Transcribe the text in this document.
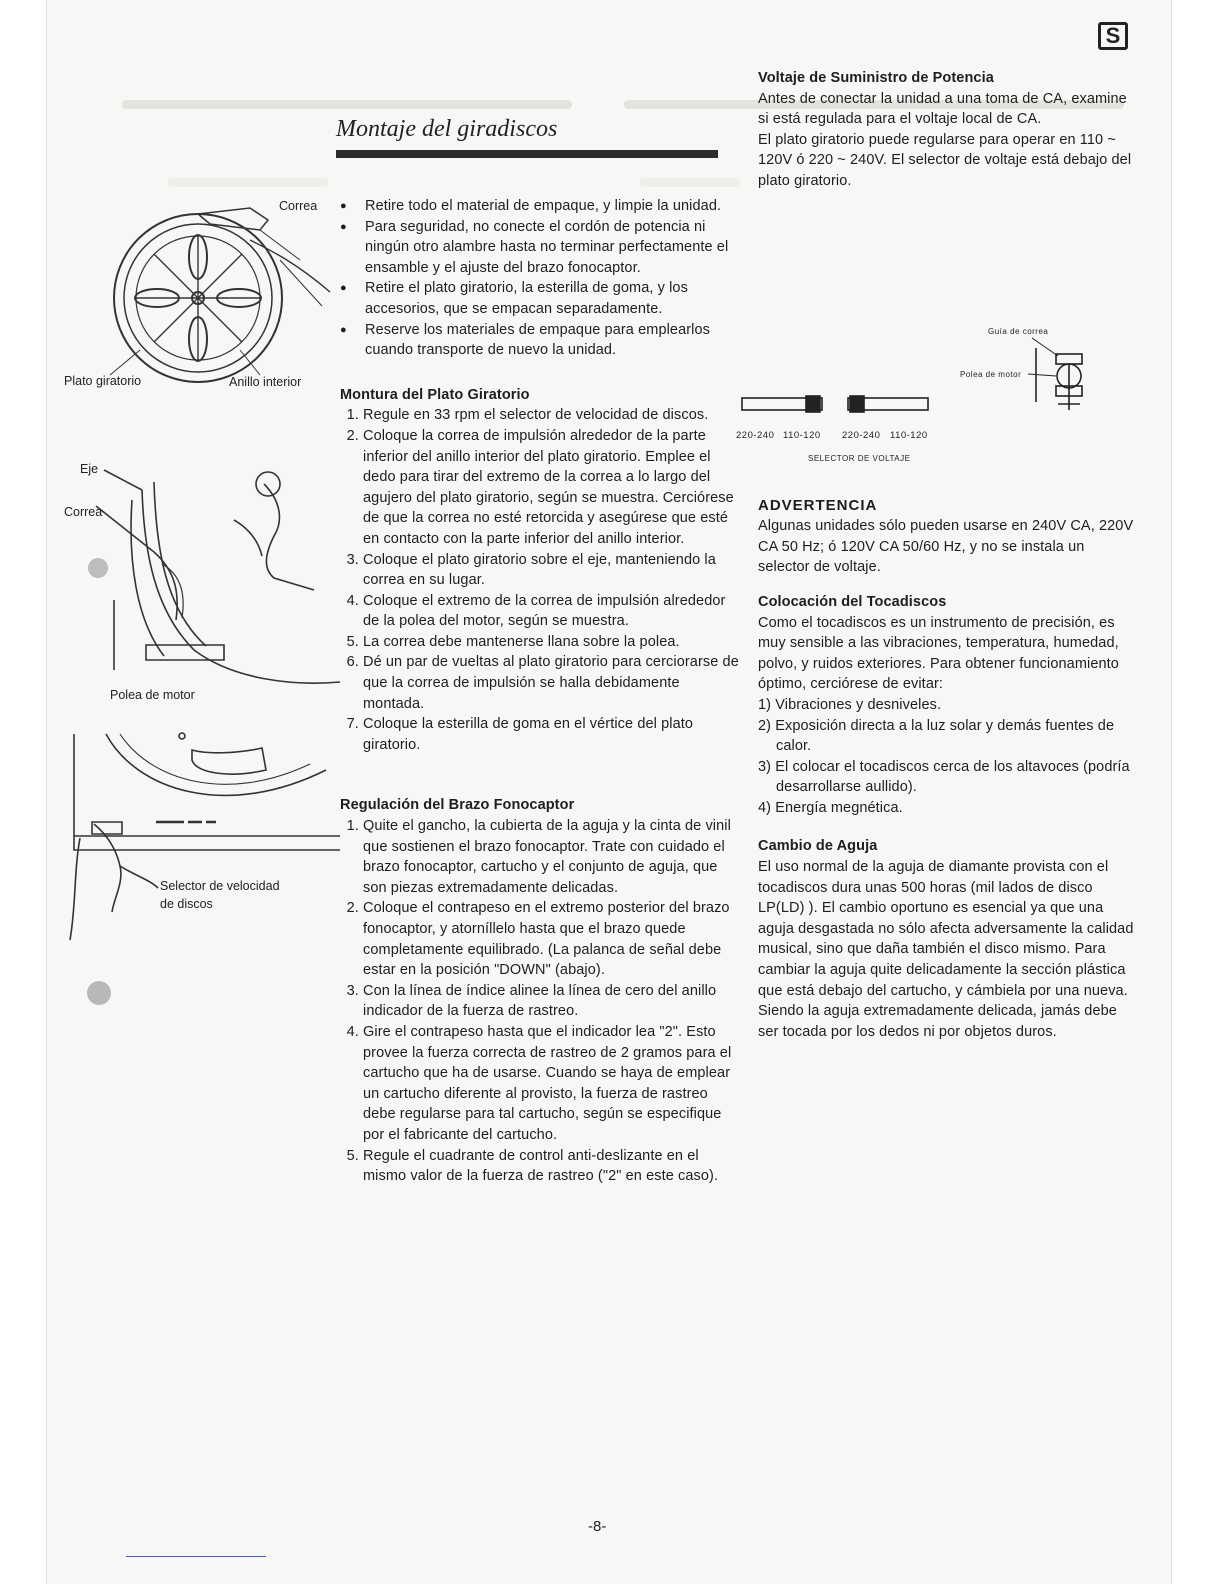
S
Montaje del giradiscos
Correa
Plato giratorio	Anillo interior
Eje
Correa
Polea de motor
Selector de velocidad
de discos
Guía de correa
Polea de motor
220-240 110-120 220-240 110-120
SELECTOR DE VOLTAJE

● Retire todo el material de empaque, y limpie la unidad.

● Para seguridad, no conecte el cordón de potencia ni ningún otro alambre hasta no terminar perfectamente el ensamble y el ajuste del brazo fonocaptor.

● Retire el plato giratorio, la esterilla de goma, y los accesorios, que se empacan separadamente.

● Reserve los materiales de empaque para emplearlos cuando transporte de nuevo la unidad.

Montura del Plato Giratorio

1. Regule en 33 rpm el selector de velocidad de discos.
2. Coloque la correa de impulsión alrededor de la parte inferior del anillo interior del plato giratorio. Emplee el dedo para tirar del extremo de la correa a lo largo del agujero del plato giratorio, según se muestra. Cerciórese de que la correa no esté retorcida y asegúrese que esté en contacto con la parte inferior del anillo interior.
3. Coloque el plato giratorio sobre el eje, manteniendo la correa en su lugar.
4. Coloque el extremo de la correa de impulsión alrededor de la polea del motor, según se muestra.
5. La correa debe mantenerse llana sobre la polea.
6. Dé un par de vueltas al plato giratorio para cerciorarse de que la correa de impulsión se halla debidamente montada.
7. Coloque la esterilla de goma en el vértice del plato giratorio.

Regulación del Brazo Fonocaptor

1. Quite el gancho, la cubierta de la aguja y la cinta de vinil que sostienen el brazo fonocaptor. Trate con cuidado el brazo fonocaptor, cartucho y el conjunto de aguja, que son piezas extremadamente delicadas.
2. Coloque el contrapeso en el extremo posterior del brazo fonocaptor, y atorníllelo hasta que el brazo quede completamente equilibrado. (La palanca de señal debe estar en la posición "DOWN" (abajo).
3. Con la línea de índice alinee la línea de cero del anillo indicador de la fuerza de rastreo.
4. Gire el contrapeso hasta que el indicador lea "2". Esto provee la fuerza correcta de rastreo de 2 gramos para el cartucho que ha de usarse. Cuando se haya de emplear un cartucho diferente al provisto, la fuerza de rastreo debe regularse para tal cartucho, según se especifique por el fabricante del cartucho.
5. Regule el cuadrante de control anti-deslizante en el mismo valor de la fuerza de rastreo ("2" en este caso).

Voltaje de Suministro de Potencia

Antes de conectar la unidad a una toma de CA, examine si está regulada para el voltaje local de CA.

El plato giratorio puede regularse para operar en 110 ~ 120V ó 220 ~ 240V. El selector de voltaje está debajo del plato giratorio.

ADVERTENCIA

Algunas unidades sólo pueden usarse en 240V CA, 220V CA 50 Hz; ó 120V CA 50/60 Hz, y no se instala un selector de voltaje.

Colocación del Tocadiscos

Como el tocadiscos es un instrumento de precisión, es muy sensible a las vibraciones, temperatura, humedad, polvo, y ruidos exteriores. Para obtener funcionamiento óptimo, cerciórese de evitar:

1) Vibraciones y desniveles.

2) Exposición directa a la luz solar y demás fuentes de calor.

3) El colocar el tocadiscos cerca de los altavoces (podría desarrollarse aullido).

4) Energía megnética.

Cambio de Aguja

El uso normal de la aguja de diamante provista con el tocadiscos dura unas 500 horas (mil lados de disco LP(LD) ). El cambio oportuno es esencial ya que una aguja desgastada no sólo afecta adversamente la calidad musical, sino que daña también el disco mismo. Para cambiar la aguja quite delicadamente la sección plástica que está debajo del cartucho, y cámbiela por una nueva. Siendo la aguja extremadamente delicada, jamás debe ser tocada por los dedos ni por objetos duros.

-8-
